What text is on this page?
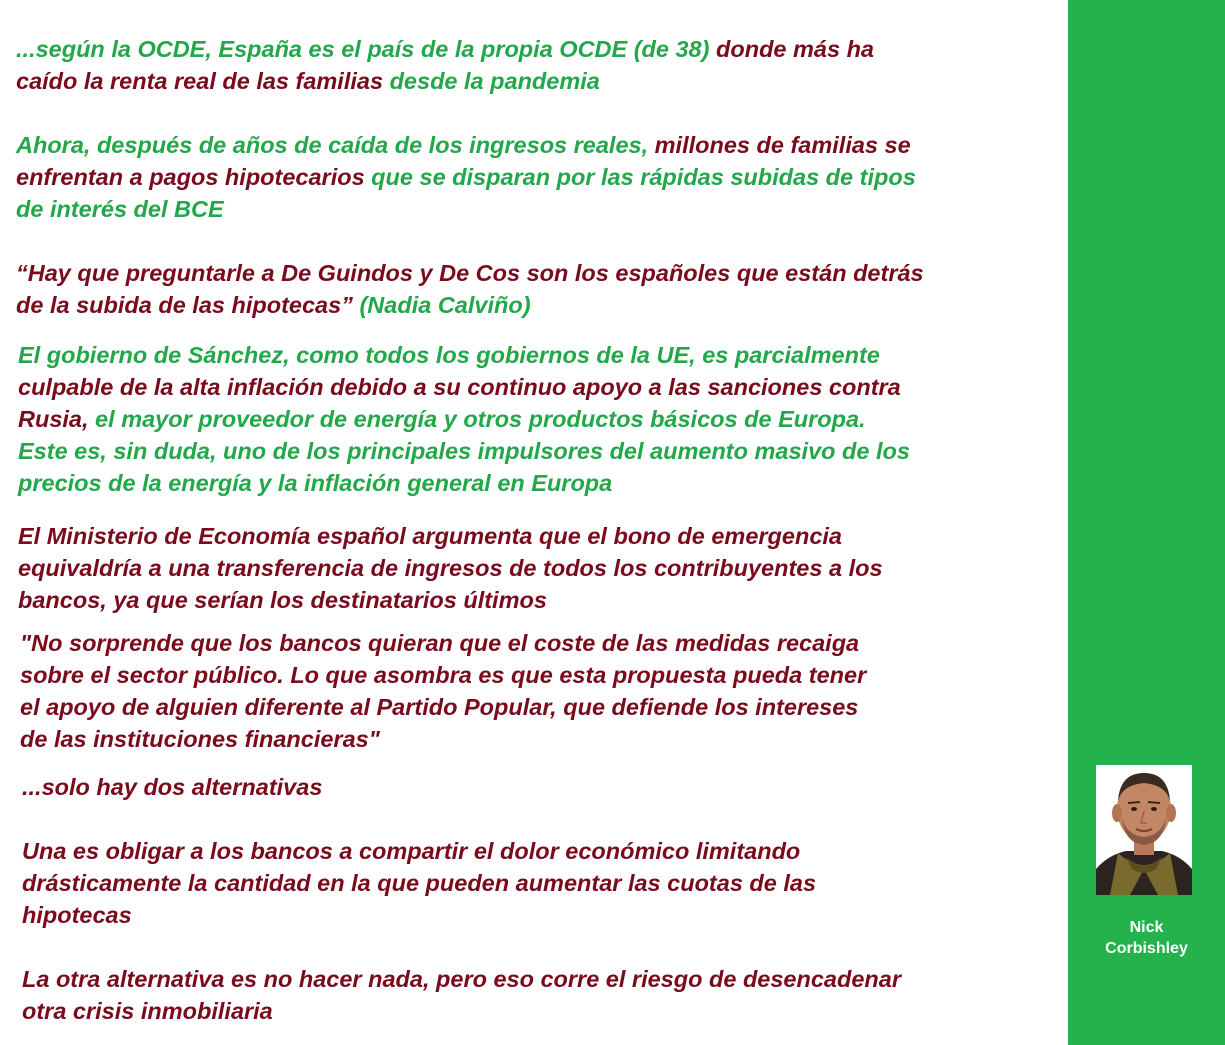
...según la OCDE, España es el país de la propia OCDE (de 38) donde más ha
caído la renta real de las familias desde la pandemia

Ahora, después de años de caída de los ingresos reales, millones de familias se
enfrentan a pagos hipotecarios que se disparan por las rápidas subidas de tipos
de interés del BCE

“Hay que preguntarle a De Guindos y De Cos son los españoles que están detrás
de la subida de las hipotecas” (Nadia Calviño)

El gobierno de Sánchez, como todos los gobiernos de la UE, es parcialmente
culpable de la alta inflación debido a su continuo apoyo a las sanciones contra
Rusia, el mayor proveedor de energía y otros productos básicos de Europa.
Este es, sin duda, uno de los principales impulsores del aumento masivo de los
precios de la energía y la inflación general en Europa

El Ministerio de Economía español argumenta que el bono de emergencia
equivaldría a una transferencia de ingresos de todos los contribuyentes a los
bancos, ya que serían los destinatarios últimos

"No sorprende que los bancos quieran que el coste de las medidas recaiga
sobre el sector público. Lo que asombra es que esta propuesta pueda tener
el apoyo de alguien diferente al Partido Popular, que defiende los intereses
de las instituciones financieras"

...solo hay dos alternativas

Una es obligar a los bancos a compartir el dolor económico limitando
drásticamente la cantidad en la que pueden aumentar las cuotas de las
hipotecas

La otra alternativa es no hacer nada, pero eso corre el riesgo de desencadenar
otra crisis inmobiliaria

Nick
Corbishley
